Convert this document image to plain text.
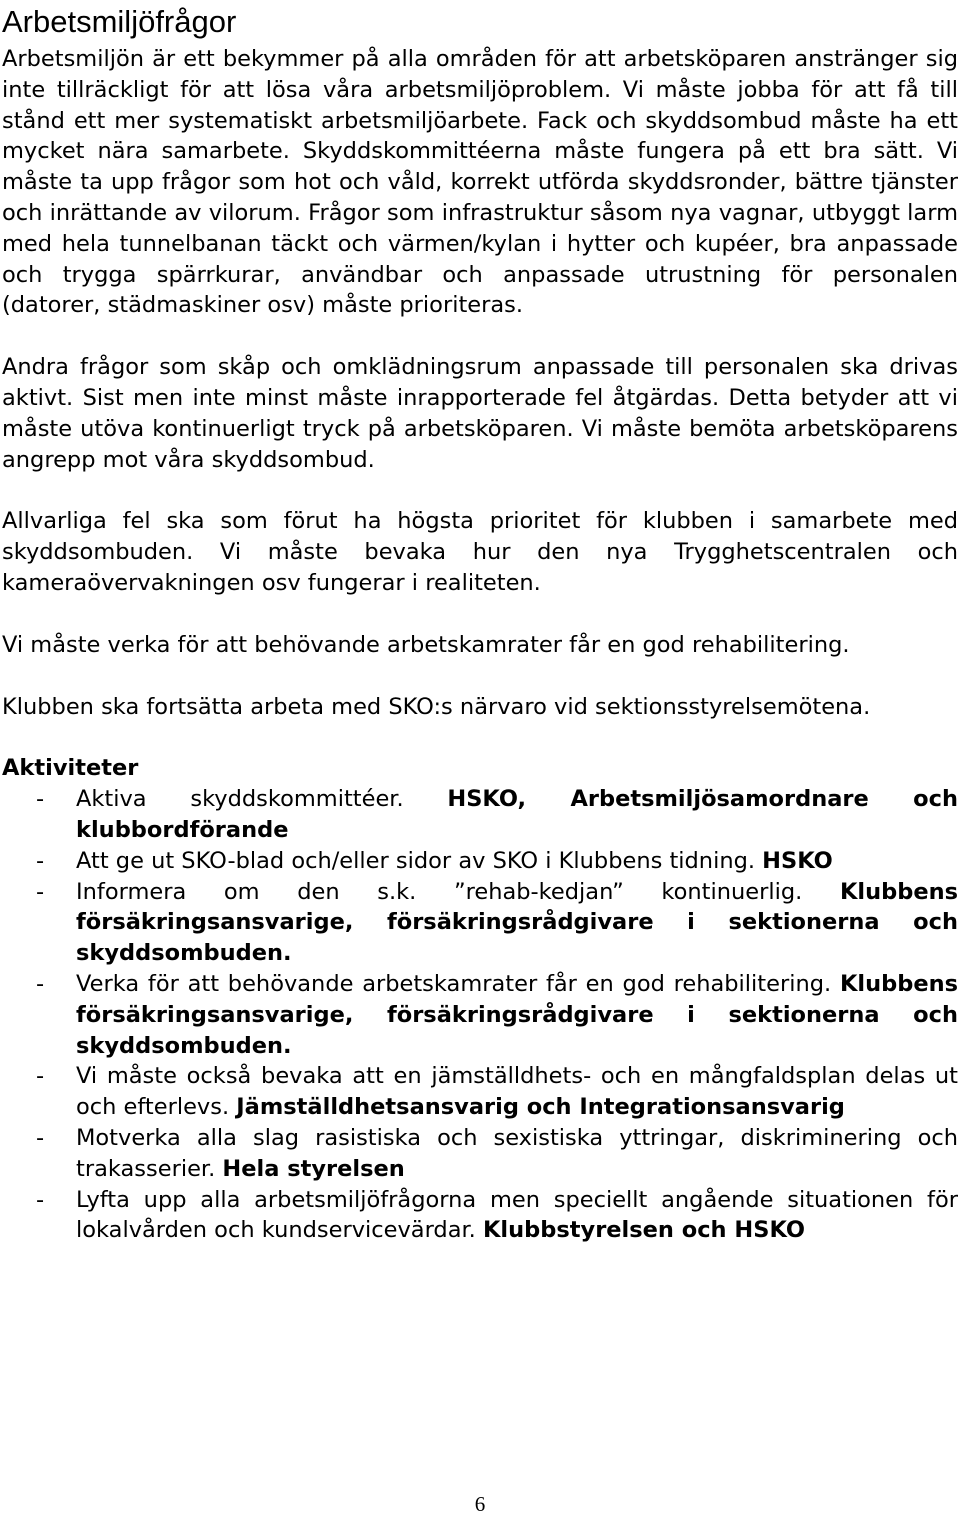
Arbetsmiljöfrågor

Arbetsmiljön är ett bekymmer på alla områden för att arbetsköparen anstränger sig inte tillräckligt för att lösa våra arbetsmiljöproblem. Vi måste jobba för att få till stånd ett mer systematiskt arbetsmiljöarbete. Fack och skyddsombud måste ha ett mycket nära samarbete. Skyddskommittéerna måste fungera på ett bra sätt. Vi måste ta upp frågor som hot och våld, korrekt utförda skyddsronder, bättre tjänster och inrättande av vilorum. Frågor som infrastruktur såsom nya vagnar, utbyggt larm med hela tunnelbanan täckt och värmen/kylan i hytter och kupéer, bra anpassade och trygga spärrkurar, användbar och anpassade utrustning för personalen (datorer, städmaskiner osv) måste prioriteras.

Andra frågor som skåp och omklädningsrum anpassade till personalen ska drivas aktivt. Sist men inte minst måste inrapporterade fel åtgärdas. Detta betyder att vi måste utöva kontinuerligt tryck på arbetsköparen. Vi måste bemöta arbetsköparens angrepp mot våra skyddsombud.

Allvarliga fel ska som förut ha högsta prioritet för klubben i samarbete med skyddsombuden. Vi måste bevaka hur den nya Trygghetscentralen och kameraövervakningen osv fungerar i realiteten.

Vi måste verka för att behövande arbetskamrater får en god rehabilitering.

Klubben ska fortsätta arbeta med SKO:s närvaro vid sektionsstyrelsemötena.

Aktiviteter
- Aktiva skyddskommittéer. HSKO, Arbetsmiljösamordnare och klubbordförande
- Att ge ut SKO-blad och/eller sidor av SKO i Klubbens tidning. HSKO
- Informera om den s.k. ”rehab-kedjan” kontinuerlig. Klubbens försäkringsansvarige, försäkringsrådgivare i sektionerna och skyddsombuden.
- Verka för att behövande arbetskamrater får en god rehabilitering. Klubbens försäkringsansvarige, försäkringsrådgivare i sektionerna och skyddsombuden.
- Vi måste också bevaka att en jämställdhets- och en mångfaldsplan delas ut och efterlevs. Jämställdhetsansvarig och Integrationsansvarig
- Motverka alla slag rasistiska och sexistiska yttringar, diskriminering och trakasserier. Hela styrelsen
- Lyfta upp alla arbetsmiljöfrågorna men speciellt angående situationen för lokalvården och kundservicevärdar. Klubbstyrelsen och HSKO
6
